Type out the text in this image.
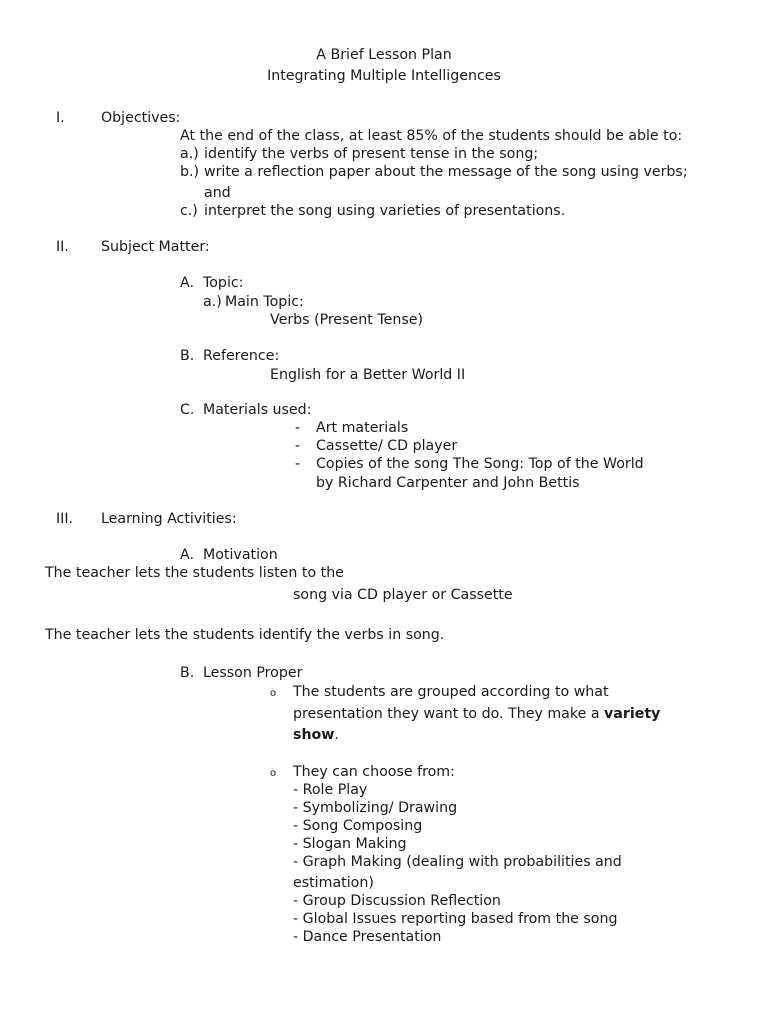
A Brief Lesson Plan
Integrating Multiple Intelligences
I.	Objectives:
At the end of the class, at least 85% of the students should be able to:
a.) identify the verbs of present tense in the song;
b.) write a reflection paper about the message of the song using verbs;
and
c.) interpret the song using varieties of presentations.
II. Subject Matter:
A. Topic:
a.) Main Topic:
Verbs (Present Tense)
B. Reference:
English for a Better World II
C. Materials used:
- Art materials
- Cassette/ CD player
- Copies of the song The Song: Top of the World
by Richard Carpenter and John Bettis
III. Learning Activities:
A. Motivation
The teacher lets the students listen to the
song via CD player or Cassette
The teacher lets the students identify the verbs in song.
B. Lesson Proper
o The students are grouped according to what
presentation they want to do. They make a variety
show.
o They can choose from:
- Role Play
- Symbolizing/ Drawing
- Song Composing
- Slogan Making
- Graph Making (dealing with probabilities and
estimation)
- Group Discussion Reflection
- Global Issues reporting based from the song
- Dance Presentation
